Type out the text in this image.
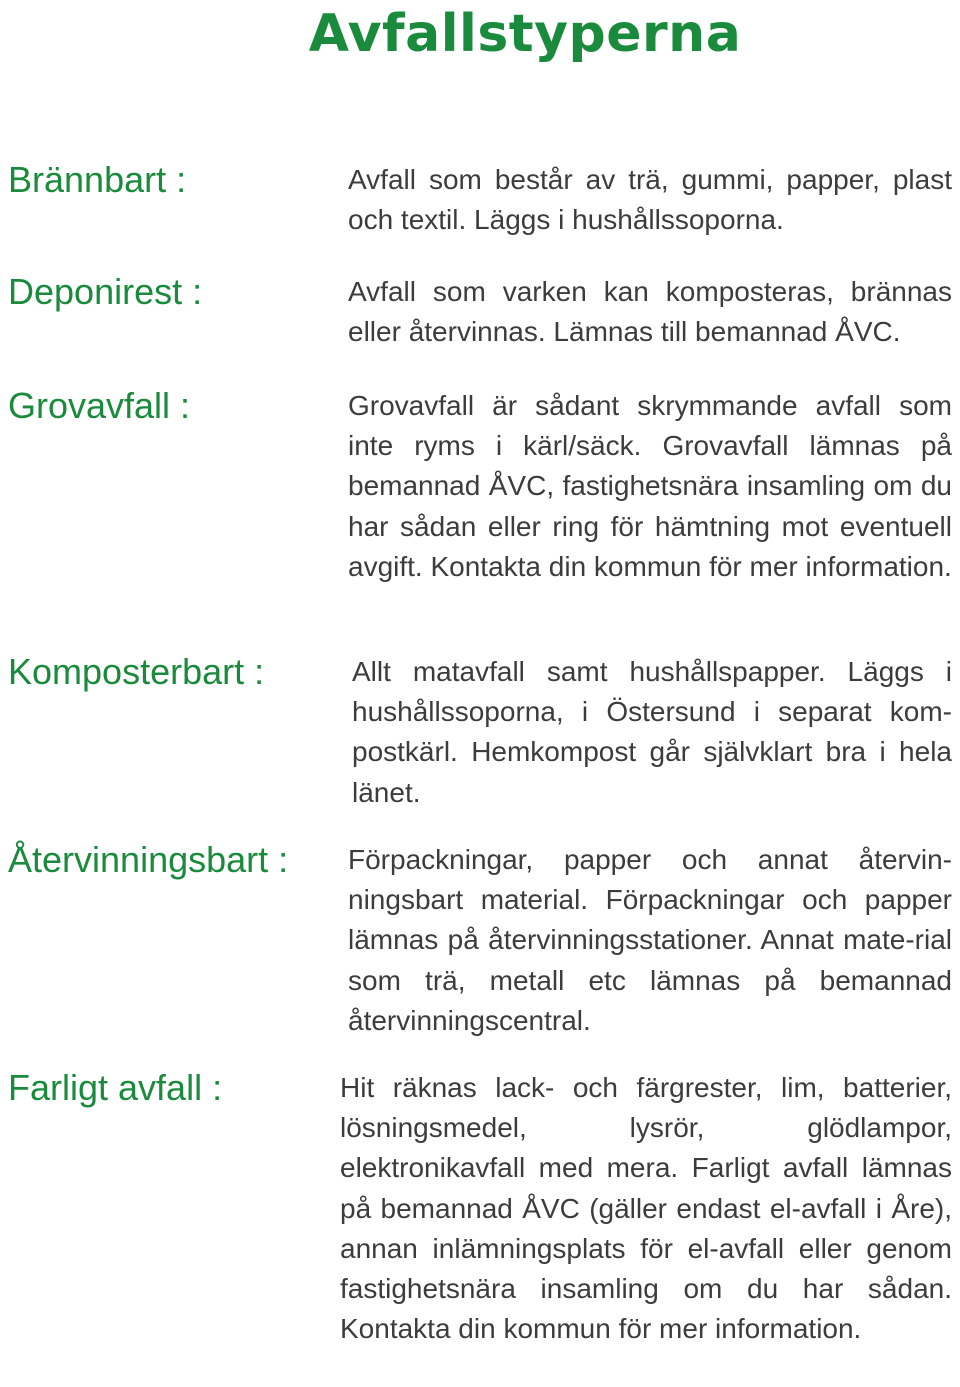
Avfallstyperna

Brännbart :	Avfall som består av trä, gummi, papper, plast och textil. Läggs i hushållssoporna.

Deponirest :	Avfall som varken kan komposteras, brännas eller återvinnas. Lämnas till bemannad ÅVC.

Grovavfall :	Grovavfall är sådant skrymmande avfall som inte ryms i kärl/säck. Grovavfall lämnas på bemannad ÅVC, fastighetsnära insamling om du har sådan eller ring för hämtning mot eventuell avgift. Kontakta din kommun för mer information.

Komposterbart :	Allt matavfall samt hushållspapper. Läggs i hushållssoporna, i Östersund i separat kom-postkärl. Hemkompost går självklart bra i hela länet.

Återvinningsbart : Förpackningar, papper och annat återvin-ningsbart material. Förpackningar och papper lämnas på återvinningsstationer. Annat mate-rial som trä, metall etc lämnas på bemannad återvinningscentral.

Farligt avfall :	Hit räknas lack- och färgrester, lim, batterier, lösningsmedel, lysrör, glödlampor, elektronikavfall med mera. Farligt avfall lämnas på bemannad ÅVC (gäller endast el-avfall i Åre), annan inlämningsplats för el-avfall eller genom fastighetsnära insamling om du har sådan. Kontakta din kommun för mer information.
